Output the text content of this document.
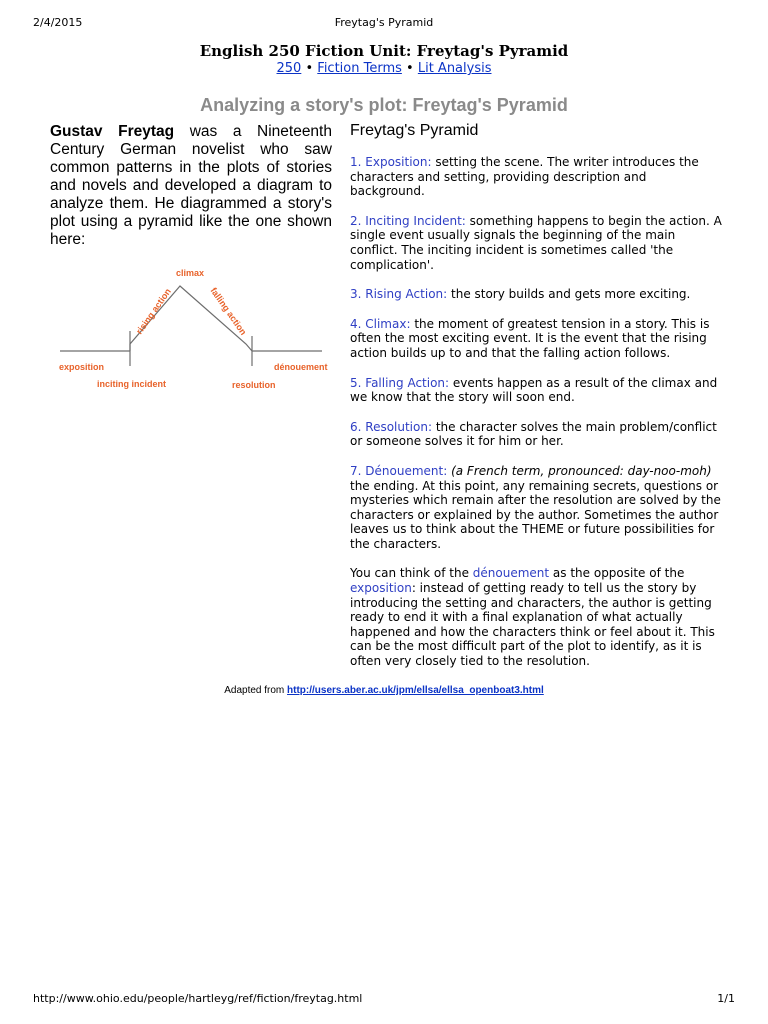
2/4/2015	Freytag's Pyramid
English 250 Fiction Unit: Freytag's Pyramid
250 • Fiction Terms • Lit Analysis
Analyzing a story's plot: Freytag's Pyramid
Gustav Freytag was a Nineteenth Century German novelist who saw common patterns in the plots of stories and novels and developed a diagram to analyze them. He diagrammed a story's plot using a pyramid like the one shown here:
climax
rising action	falling action
exposition
inciting incident	resolution
dénouement
Freytag's Pyramid

1. Exposition: setting the scene. The writer introduces the characters and setting, providing description and background.

2. Inciting Incident: something happens to begin the action. A single event usually signals the beginning of the main conflict. The inciting incident is sometimes called 'the complication'.

3. Rising Action: the story builds and gets more exciting.

4. Climax: the moment of greatest tension in a story. This is often the most exciting event. It is the event that the rising action builds up to and that the falling action follows.

5. Falling Action: events happen as a result of the climax and we know that the story will soon end.

6. Resolution: the character solves the main problem/conflict or someone solves it for him or her.

7. Dénouement: (a French term, pronounced: day-noo-moh)
the ending. At this point, any remaining secrets, questions or mysteries which remain after the resolution are solved by the characters or explained by the author. Sometimes the author leaves us to think about the THEME or future possibilities for the characters.

You can think of the dénouement as the opposite of the exposition: instead of getting ready to tell us the story by introducing the setting and characters, the author is getting ready to end it with a final explanation of what actually happened and how the characters think or feel about it. This can be the most difficult part of the plot to identify, as it is often very closely tied to the resolution.

Adapted from http://users.aber.ac.uk/jpm/ellsa/ellsa_openboat3.html
http://www.ohio.edu/people/hartleyg/ref/fiction/freytag.html	1/1
